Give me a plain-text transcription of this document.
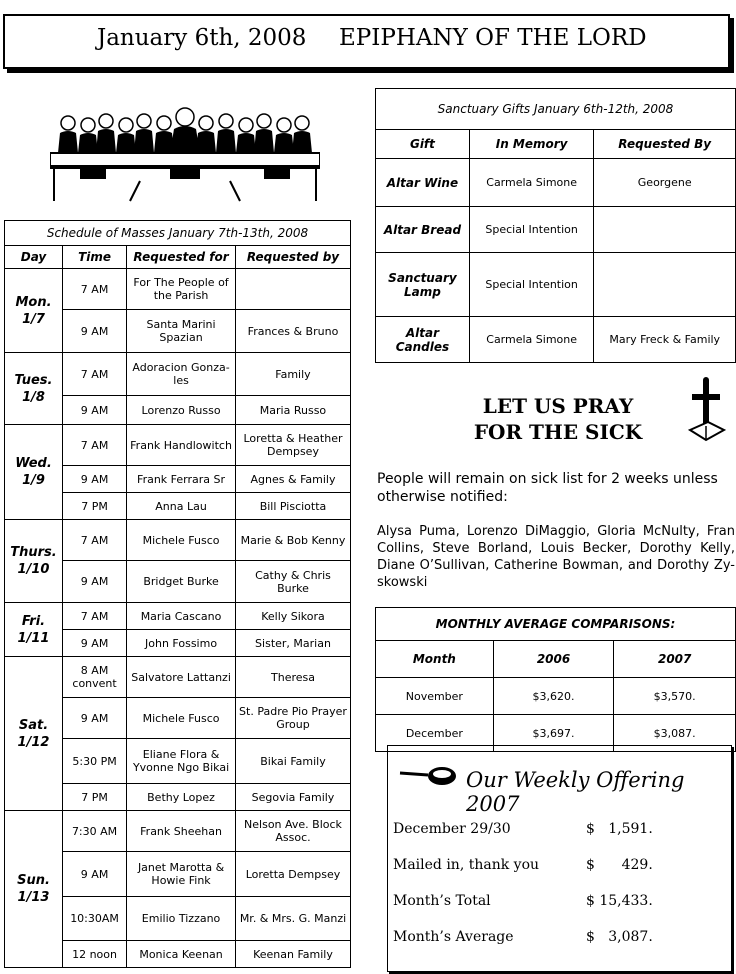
January 6th, 2008 EPIPHANY OF THE LORD
Schedule of Masses January 7th-13th, 2008			
Day	Time	Requested for	Requested by

Mon.
1/7	7 AM	For The People of the Parish	
	9 AM	Santa Marini Spazian	Frances & Bruno

Tues.
1/8	7 AM	Adoracion Gonza-les	Family
	9 AM	Lorenzo Russo	Maria Russo

Wed.
1/9	7 AM	Frank Handlowitch	Loretta & Heather Dempsey
	9 AM	Frank Ferrara Sr	Agnes & Family
	7 PM	Anna Lau	Bill Pisciotta

Thurs.
1/10	7 AM	Michele Fusco	Marie & Bob Kenny
	9 AM	Bridget Burke	Cathy & Chris Burke

Fri.
1/11	7 AM	Maria Cascano	Kelly Sikora
	9 AM	John Fossimo	Sister, Marian

Sat.
1/12	8 AM convent	Salvatore Lattanzi	Theresa
	9 AM	Michele Fusco	St. Padre Pio Prayer Group
	5:30 PM	Eliane Flora & Yvonne Ngo Bikai	Bikai Family
	7 PM	Bethy Lopez	Segovia Family

Sun.
1/13	7:30 AM	Frank Sheehan	Nelson Ave. Block Assoc.
	9 AM	Janet Marotta & Howie Fink	Loretta Dempsey
	10:30AM	Emilio Tizzano	Mr. & Mrs. G. Manzi
	12 noon	Monica Keenan	Keenan Family
Sanctuary Gifts January 6th-12th, 2008		
Gift	In Memory	Requested By
Altar Wine	Carmela Simone	Georgene
Altar Bread	Special Intention	
Sanctuary Lamp	Special Intention	
Altar Candles	Carmela Simone	Mary Freck & Family
LET US PRAY
FOR THE SICK
People will remain on sick list for 2 weeks unless otherwise notified:
Alysa Puma, Lorenzo DiMaggio, Gloria McNulty, Fran Collins, Steve Borland, Louis Becker, Dorothy Kelly, Diane O’Sullivan, Catherine Bowman, and Dorothy Zy-skowski
MONTHLY AVERAGE COMPARISONS:		
Month	2006	2007
November	$3,620.	$3,570.
December	$3,697.	$3,087.
Our Weekly Offering 2007
December 29/30	$   1,591.
Mailed in, thank you	$      429.
Month’s Total	$ 15,433.
Month’s Average	$   3,087.
